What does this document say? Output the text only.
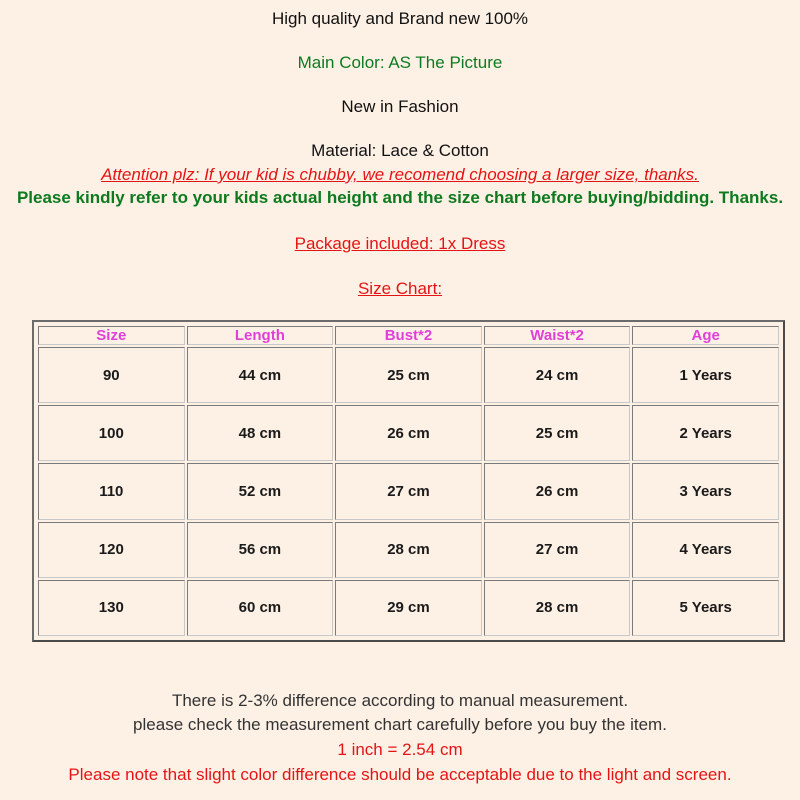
High quality and Brand new 100%
Main Color: AS The Picture
New in Fashion
Material: Lace & Cotton
Attention plz: If your kid is chubby, we recomend choosing a larger size, thanks.
Please kindly refer to your kids actual height and the size chart before buying/bidding. Thanks.
Package included: 1x Dress
Size Chart:
Size	Length	Bust*2	Waist*2	Age
90	44 cm	25 cm	24 cm	1 Years
100	48 cm	26 cm	25 cm	2 Years
110	52 cm	27 cm	26 cm	3 Years
120	56 cm	28 cm	27 cm	4 Years
130	60 cm	29 cm	28 cm	5 Years
There is 2-3% difference according to manual measurement.
please check the measurement chart carefully before you buy the item.
1 inch = 2.54 cm
Please note that slight color difference should be acceptable due to the light and screen.
